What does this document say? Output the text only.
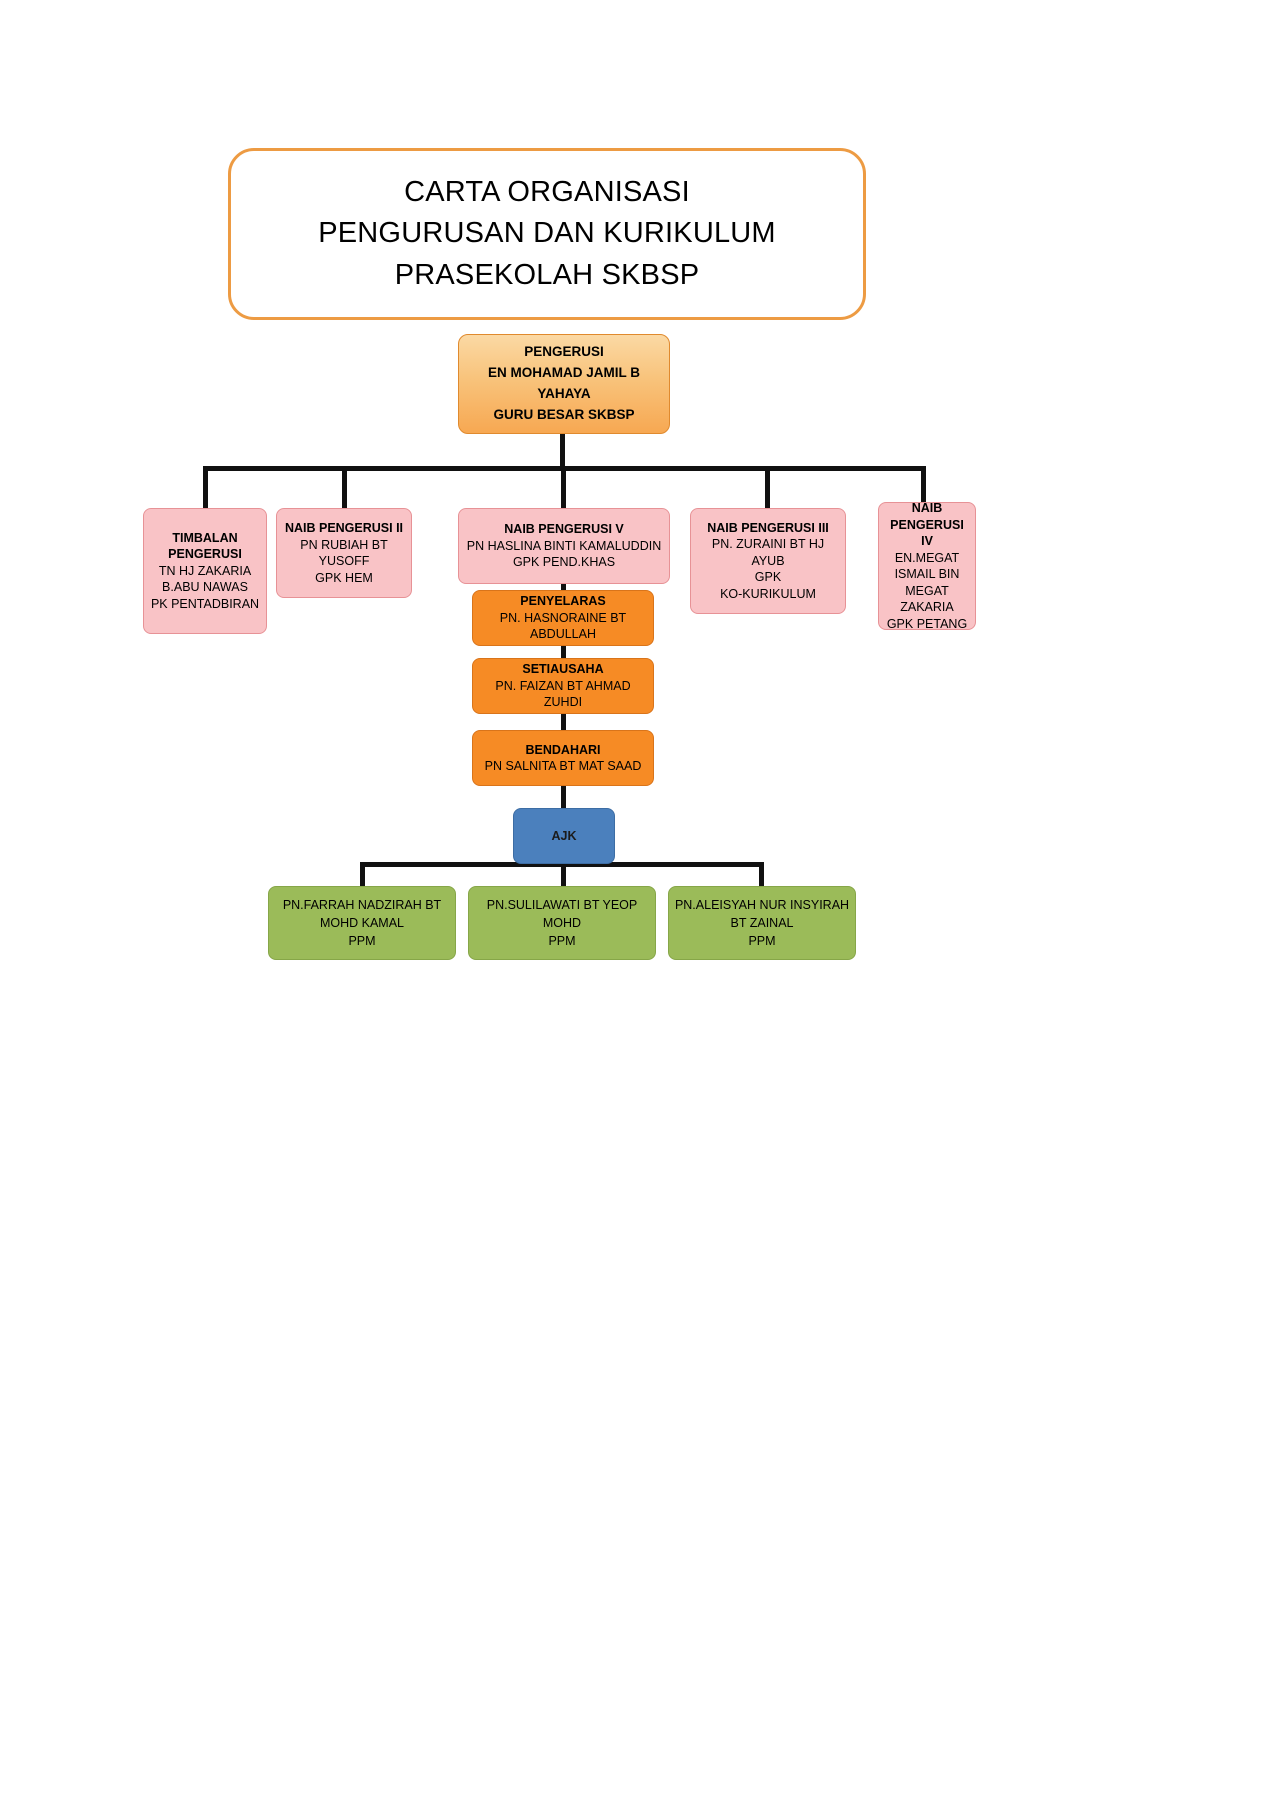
CARTA ORGANISASI
PENGURUSAN DAN KURIKULUM
PRASEKOLAH SKBSP
PENGERUSI
EN MOHAMAD JAMIL B YAHAYA
GURU BESAR SKBSP
TIMBALAN PENGERUSI
TN HJ ZAKARIA B.ABU NAWAS
PK PENTADBIRAN
NAIB PENGERUSI II
PN RUBIAH BT YUSOFF
GPK HEM
NAIB PENGERUSI V
PN HASLINA BINTI KAMALUDDIN
GPK PEND.KHAS
NAIB PENGERUSI III
PN. ZURAINI BT HJ AYUB
GPK
KO-KURIKULUM
NAIB PENGERUSI IV
EN.MEGAT ISMAIL BIN MEGAT ZAKARIA
GPK PETANG
PENYELARAS
PN. HASNORAINE BT ABDULLAH
SETIAUSAHA
PN. FAIZAN BT AHMAD ZUHDI
BENDAHARI
PN SALNITA BT MAT SAAD
AJK
PN.FARRAH NADZIRAH BT MOHD KAMAL
PPM
PN.SULILAWATI BT YEOP MOHD
PPM
PN.ALEISYAH NUR INSYIRAH BT ZAINAL
PPM
